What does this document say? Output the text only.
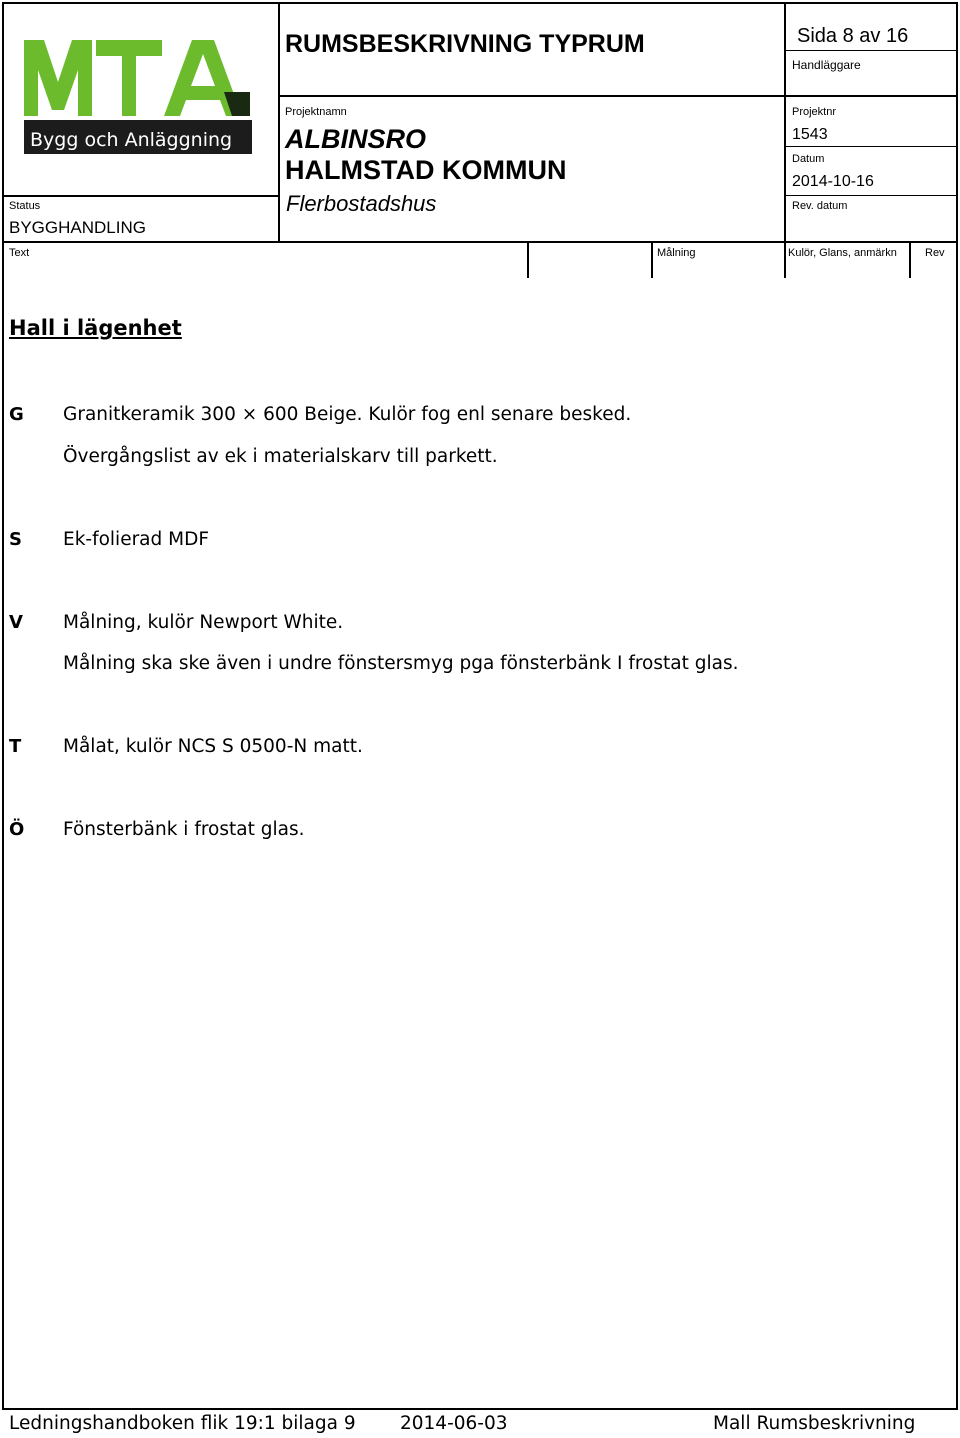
Bygg och Anläggning
RUMSBESKRIVNING TYPRUM	Sida 8 av 16
Handläggare
Projektnamn
ALBINSRO
HALMSTAD KOMMUN
Flerbostadshus
Projektnr
1543
Datum
2014-10-16
Rev. datum
Status
BYGGHANDLING
Text	Målning	Kulör, Glans, anmärkn	Rev
Hall i lägenhet
G Granitkeramik 300 × 600 Beige. Kulör fog enl senare besked.
Övergångslist av ek i materialskarv till parkett.
S Ek-folierad MDF
V Målning, kulör Newport White.
Målning ska ske även i undre fönstersmyg pga fönsterbänk I frostat glas.
T Målat, kulör NCS S 0500-N matt.
Ö Fönsterbänk i frostat glas.
Ledningshandboken flik 19:1 bilaga 9 2014-06-03	Mall Rumsbeskrivning
